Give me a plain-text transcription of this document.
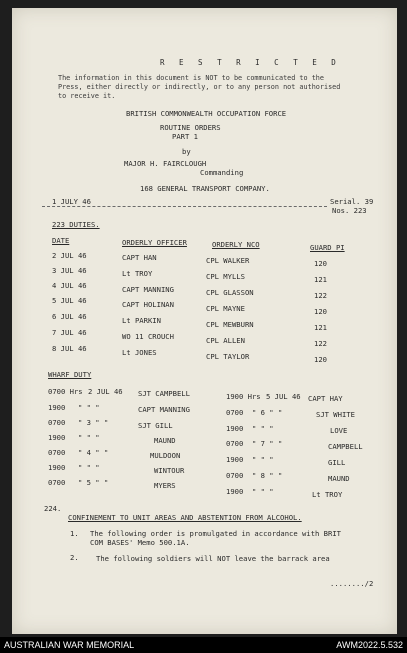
R E S T R I C T E D
The information in this document is NOT to be communicated to the
Press, either directly or indirectly, or to any person not authorised
to receive it.
BRITISH COMMONWEALTH OCCUPATION FORCE
ROUTINE ORDERS
PART 1
by
MAJOR H. FAIRCLOUGH
Commanding
168 GENERAL TRANSPORT COMPANY.
1 JULY 46	Serial. 39
Nos. 223
223 DUTIES.
DATE	ORDERLY OFFICER	ORDERLY NCO	GUARD PI
2 JUL 46	CAPT HAN	CPL WALKER	120
3 JUL 46	Lt TROY	CPL MYLLS	121
4 JUL 46	CAPT MANNING	CPL GLASSON	122
5 JUL 46	CAPT HOLINAN	CPL MAYNE	120
6 JUL 46	Lt PARKIN	CPL MEWBURN	121
7 JUL 46	WO 11 CROUCH	CPL ALLEN	122
8 JUL 46	Lt JONES	CPL TAYLOR	120
WHARF DUTY
0700 Hrs 2 JUL 46 SJT CAMPBELL
1900 " " "	CAPT MANNING
0700 " 3 " "	SJT GILL
1900 " " "	MAUND
0700 " 4 " "	MULDOON
1900 " " "	WINTOUR
0700 " 5 " "	MYERS
1900 Hrs 5 JUL 46 CAPT HAY
0700 " 6 " "	SJT WHITE
1900 " " "	LOVE
0700 " 7 " "	CAMPBELL
1900 " " "	GILL
0700 " 8 " "	MAUND
1900 " " "	Lt TROY
224.
CONFINEMENT TO UNIT AREAS AND ABSTENTION FROM ALCOHOL.
1. The following order is promulgated in accordance with BRIT
COM BASES' Memo 500.1A.
2. The following soldiers will NOT leave the barrack area
......../2
AUSTRALIAN WAR MEMORIAL	AWM2022.5.532
